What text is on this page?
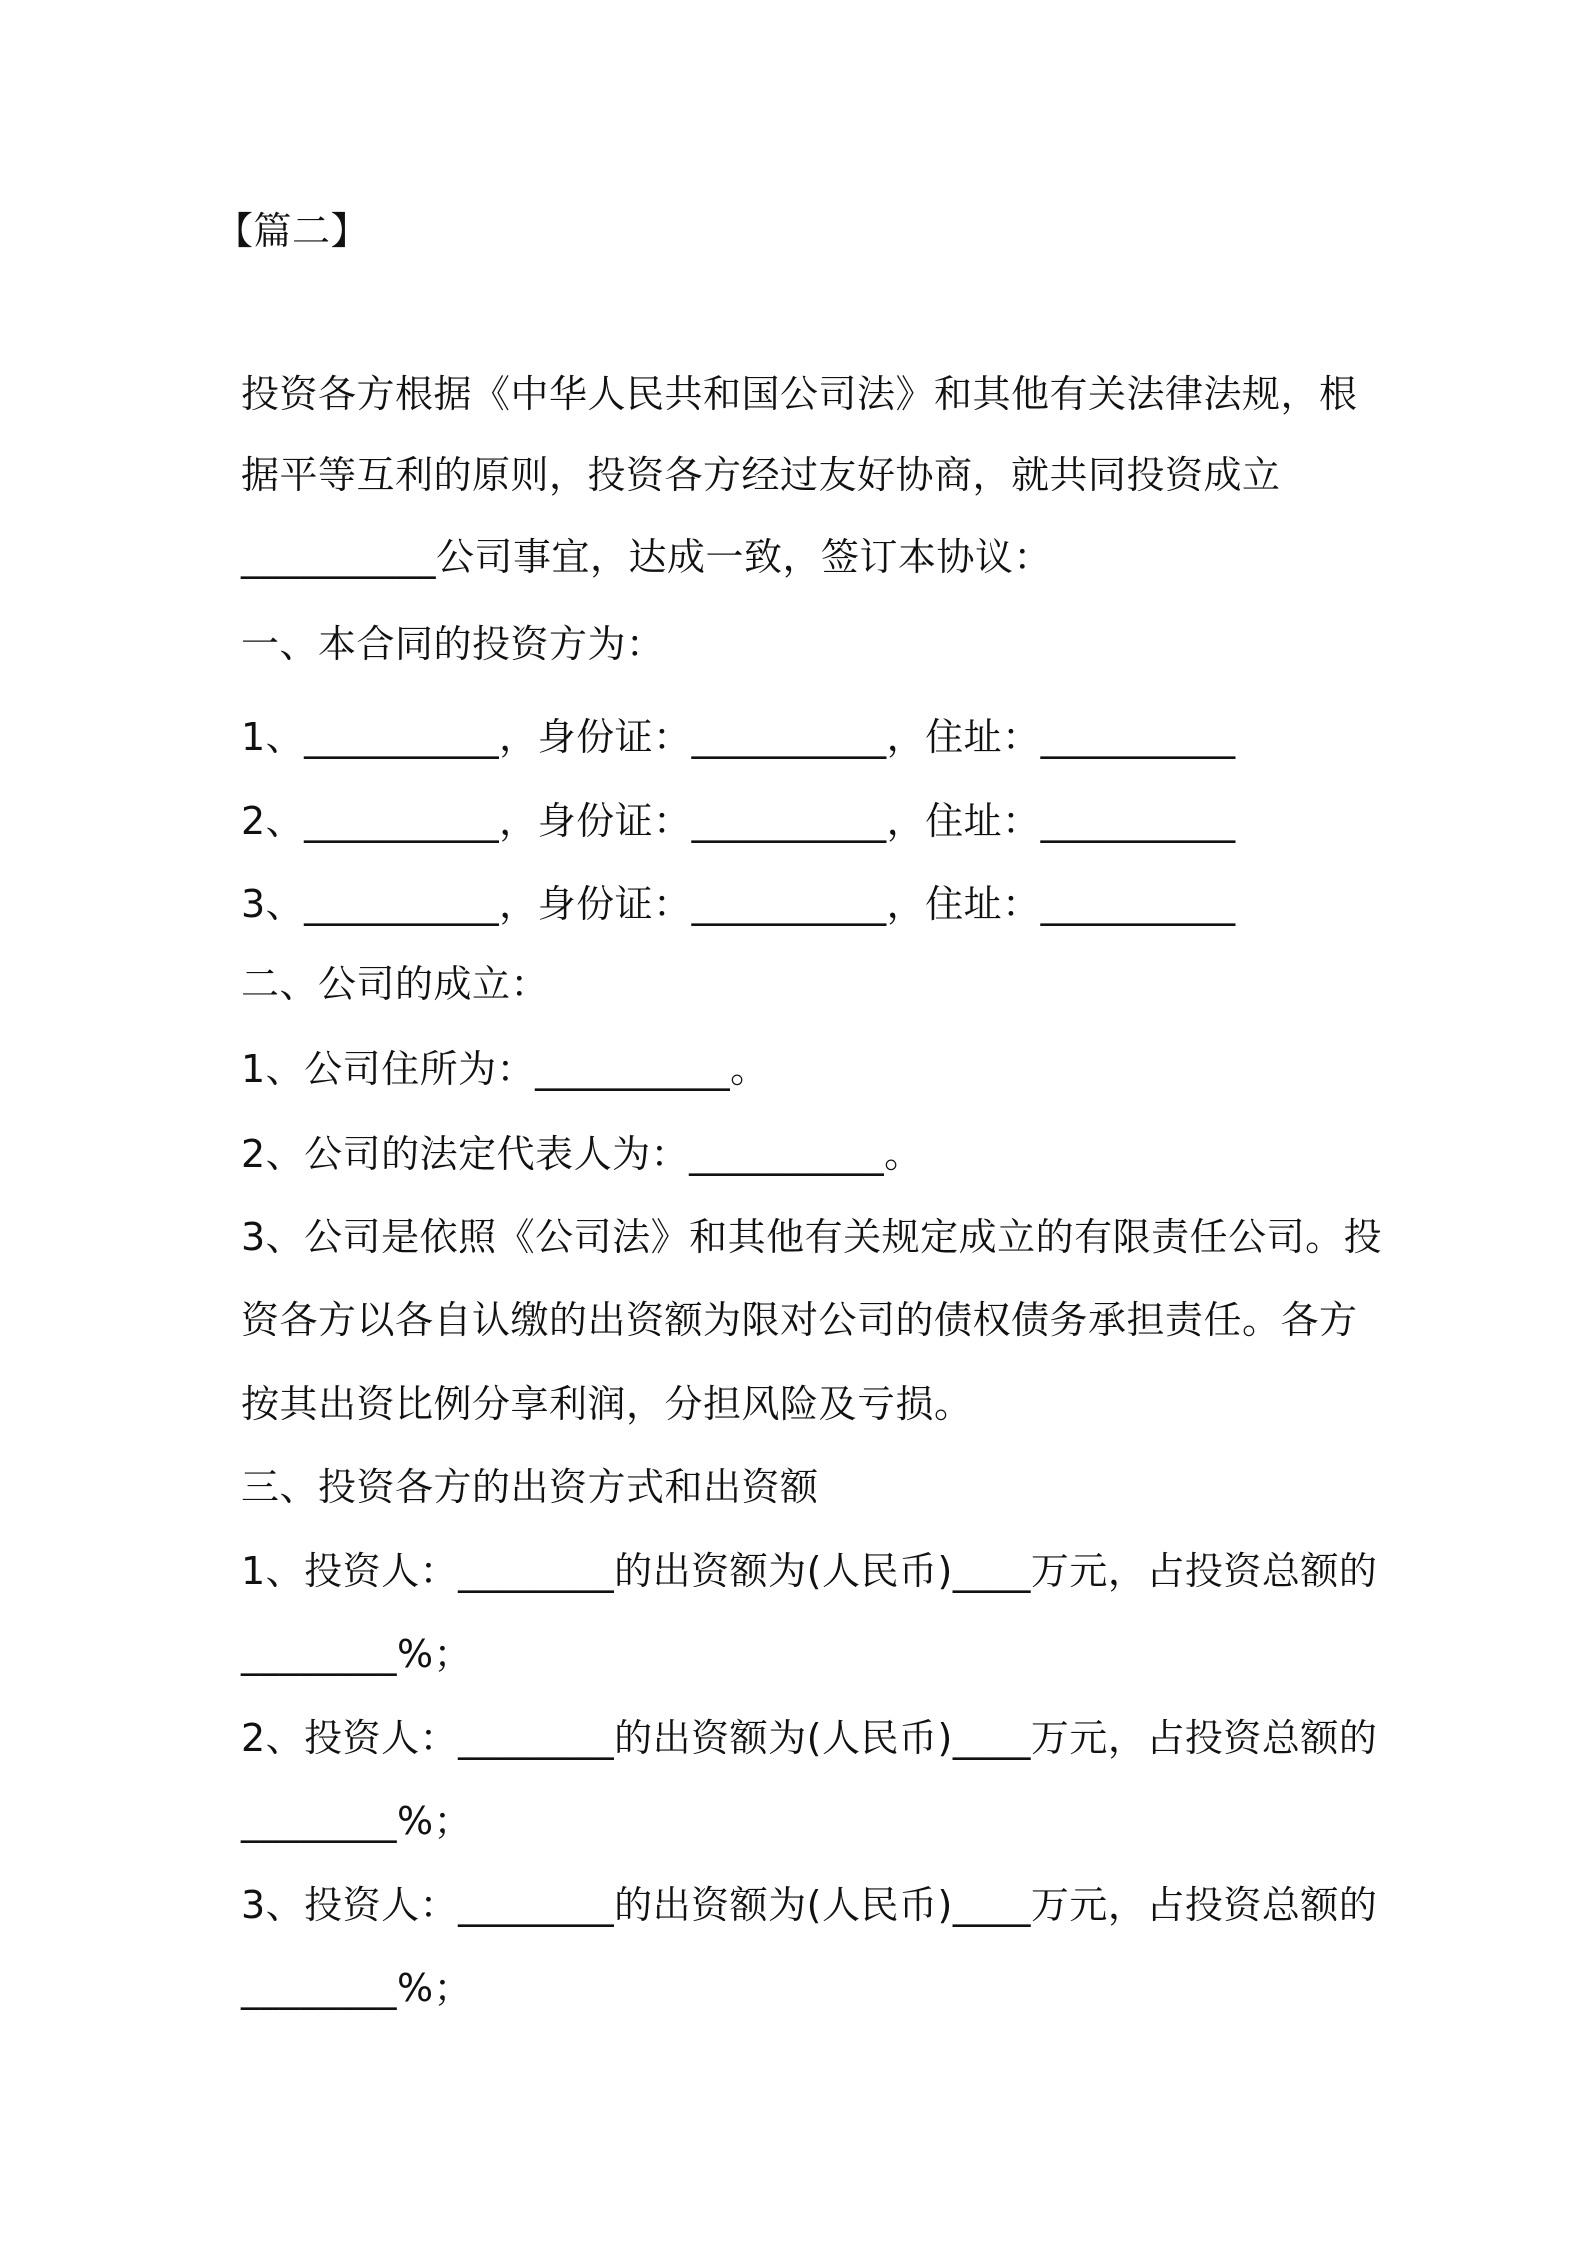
【篇二】
投资各方根据《中华人民共和国公司法》和其他有关法律法规，根
据平等互利的原则，投资各方经过友好协商，就共同投资成立
__________公司事宜，达成一致，签订本协议：
一、本合同的投资方为：
1、__________，身份证：__________，住址：__________
2、__________，身份证：__________，住址：__________
3、__________，身份证：__________，住址：__________
二、公司的成立：
1、公司住所为：__________。
2、公司的法定代表人为：__________。
3、公司是依照《公司法》和其他有关规定成立的有限责任公司。投
资各方以各自认缴的出资额为限对公司的债权债务承担责任。各方
按其出资比例分享利润，分担风险及亏损。
三、投资各方的出资方式和出资额
1、投资人：________的出资额为(人民币)____万元，占投资总额的
________%；
2、投资人：________的出资额为(人民币)____万元，占投资总额的
________%；
3、投资人：________的出资额为(人民币)____万元，占投资总额的
________%；
